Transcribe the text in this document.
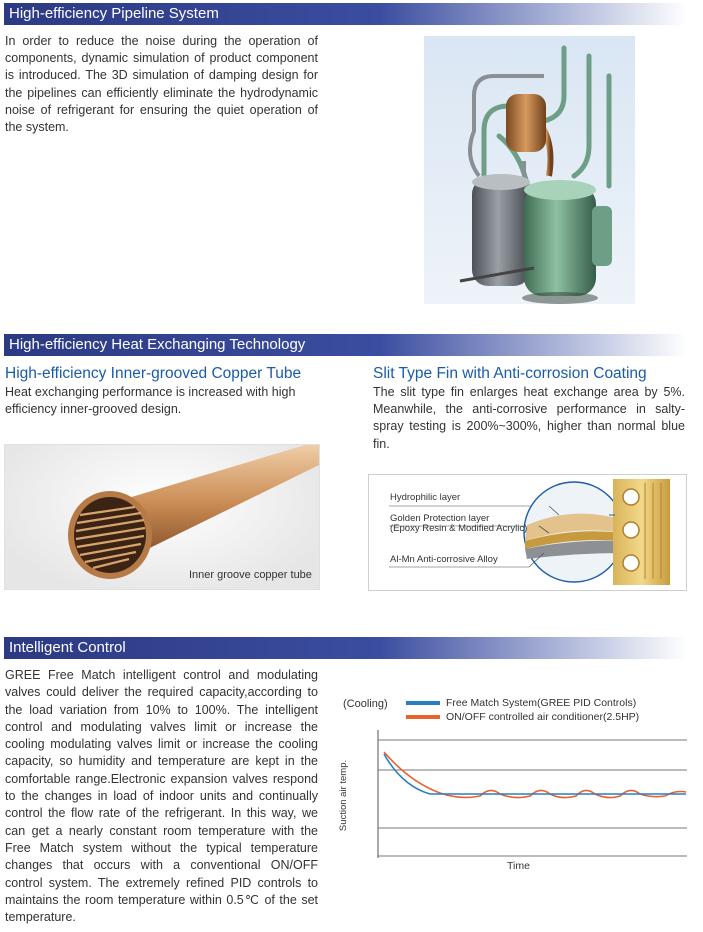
High-efficiency Pipeline System
In order to reduce the noise during the operation of components, dynamic simulation of product component is introduced. The 3D simulation of damping design for the pipelines can efficiently eliminate the hydrodynamic noise of refrigerant for ensuring the quiet operation of the system.
High-efficiency Heat Exchanging Technology
High-efficiency Inner-grooved Copper Tube
Heat exchanging performance is increased with high efficiency inner-grooved design.
Inner groove copper tube
Slit Type Fin with Anti-corrosion Coating
The slit type fin enlarges heat exchange area by 5%. Meanwhile, the anti-corrosive performance in salty-spray testing is 200%~300%, higher than normal blue fin.
Hydrophilic layer
Golden Protection layer
(Epoxy Resin & Modified Acrylic)
Al-Mn Anti-corrosive Alloy
Intelligent Control
GREE Free Match intelligent control and modulating valves could deliver the required capacity,according to the load variation from 10% to 100%. The intelligent control and modulating valves limit or increase the cooling modulating valves limit or increase the cooling capacity, so humidity and temperature are kept in the comfortable range.Electronic expansion valves respond to the changes in load of indoor units and continually control the flow rate of the refrigerant. In this way, we can get a nearly constant room temperature with the Free Match system without the typical temperature changes that occurs with a conventional ON/OFF control system. The extremely refined PID controls to maintains the room temperature within 0.5℃ of the set temperature.
(Cooling)	Free Match System(GREE PID Controls)
ON/OFF controlled air conditioner(2.5HP)
Suction air temp.
Time
